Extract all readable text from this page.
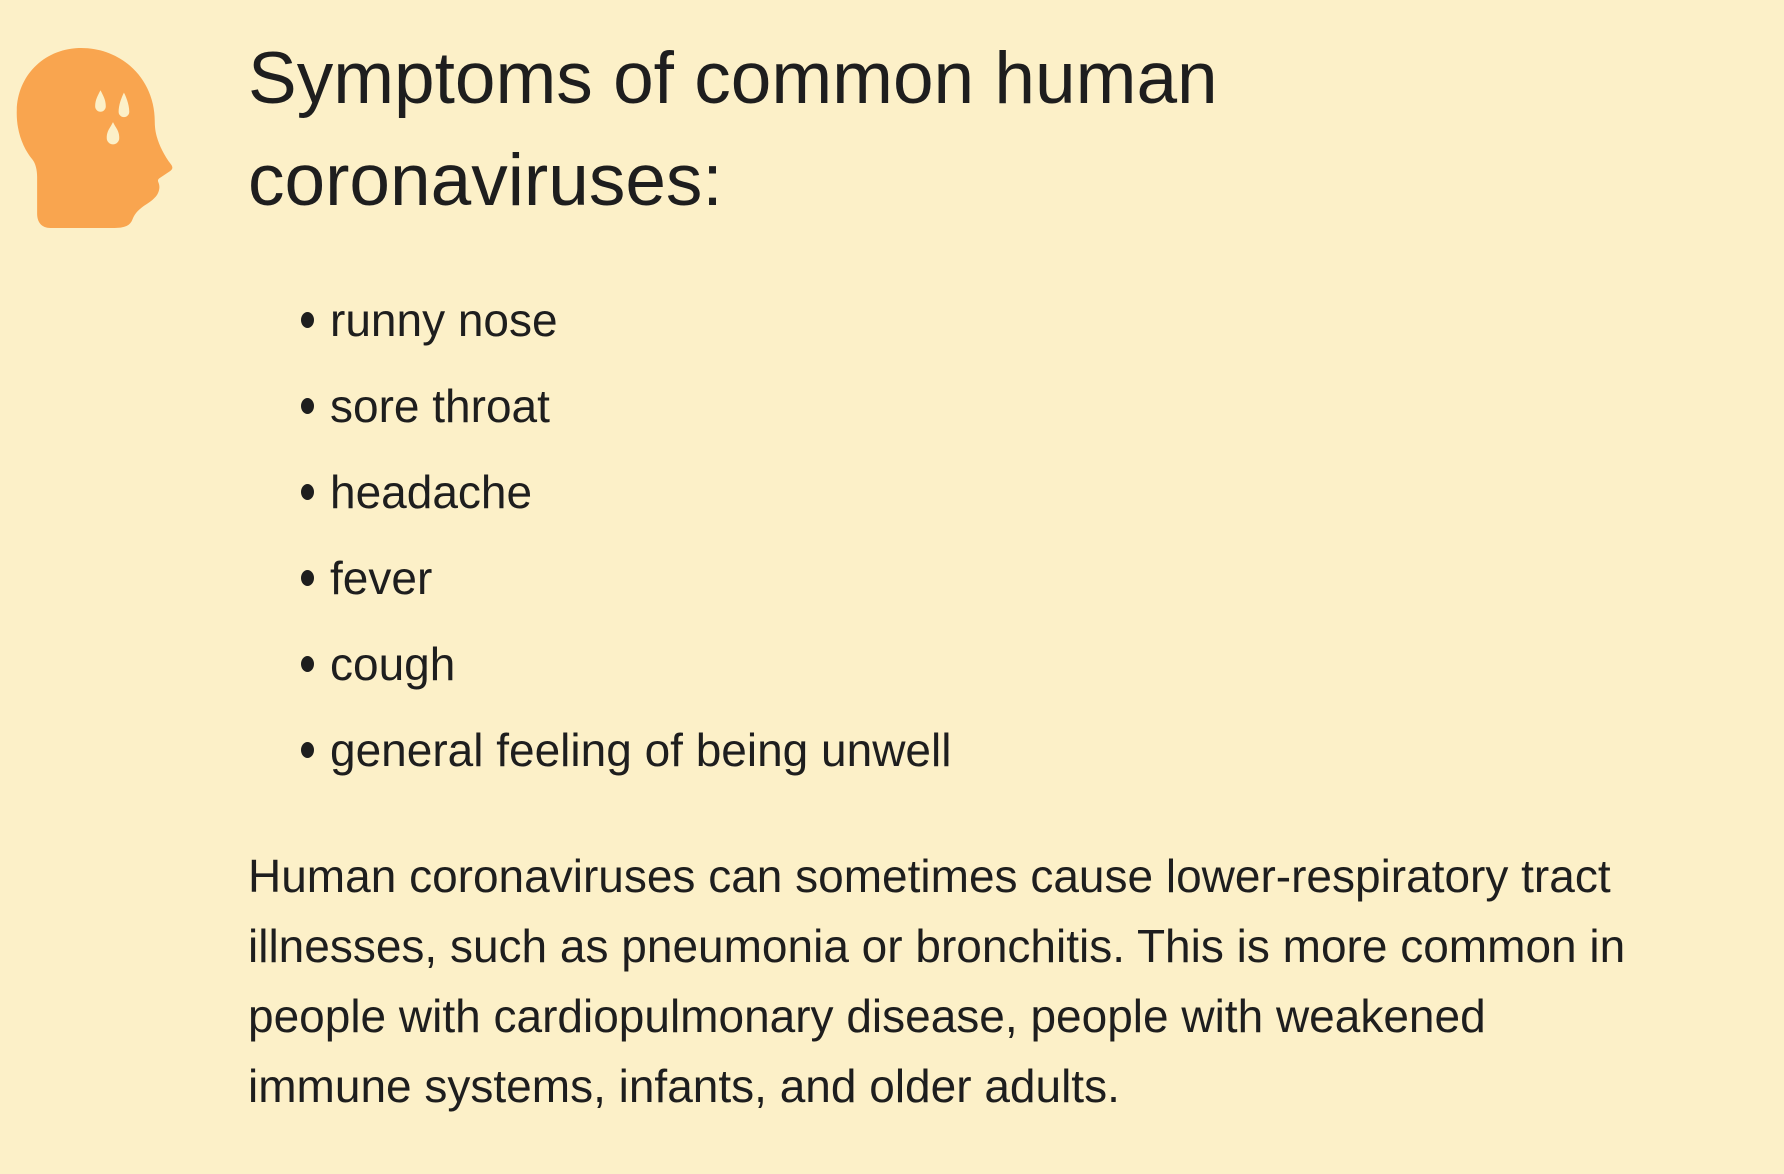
Symptoms of common human coronaviruses:
runny nose
sore throat
headache
fever
cough
general feeling of being unwell

Human coronaviruses can sometimes cause lower-respiratory tract
illnesses, such as pneumonia or bronchitis. This is more common in
people with cardiopulmonary disease, people with weakened
immune systems, infants, and older adults.
